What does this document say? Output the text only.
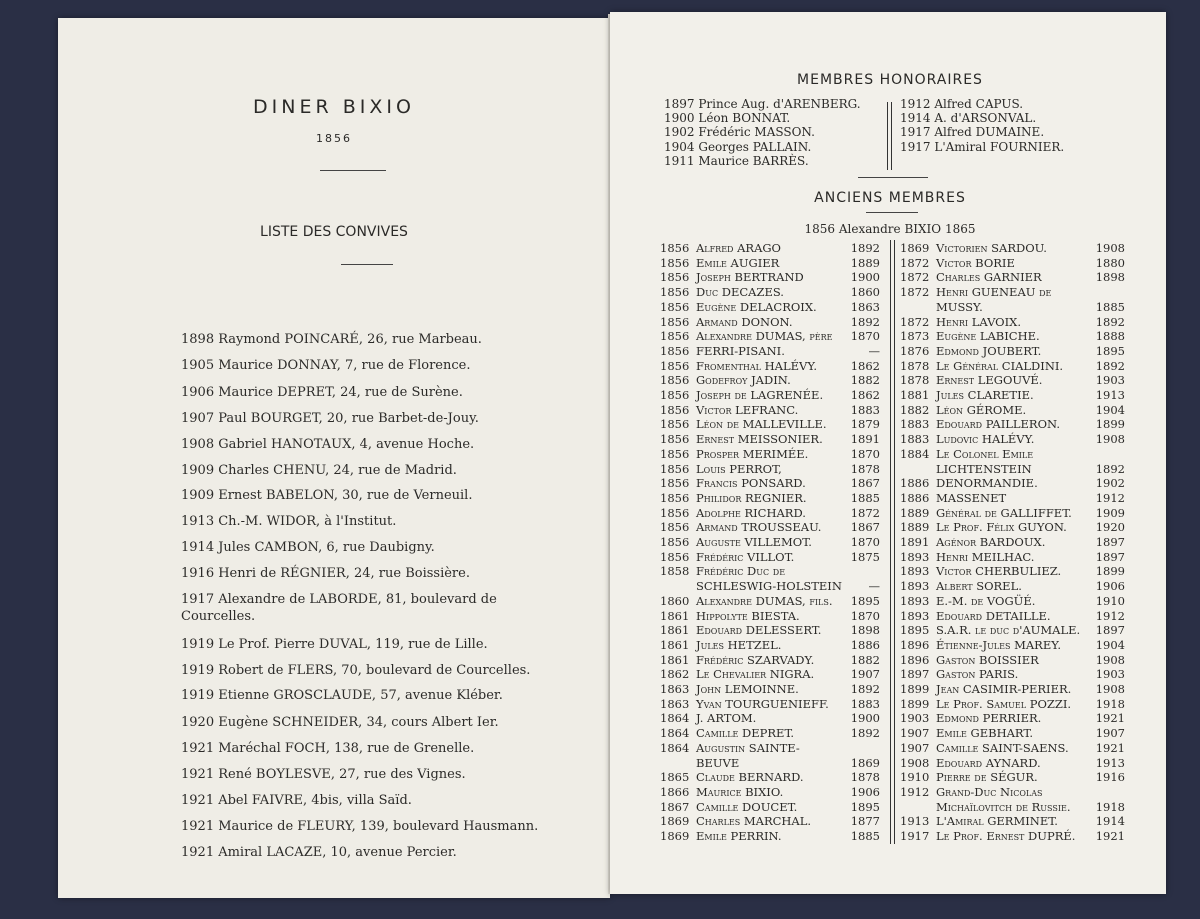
DINER BIXIO
1856
LISTE DES CONVIVES
1898 Raymond POINCARÉ, 26, rue Marbeau.
1905 Maurice DONNAY, 7, rue de Florence.
1906 Maurice DEPRET, 24, rue de Surène.
1907 Paul BOURGET, 20, rue Barbet-de-Jouy.
1908 Gabriel HANOTAUX, 4, avenue Hoche.
1909 Charles CHENU, 24, rue de Madrid.
1909 Ernest BABELON, 30, rue de Verneuil.
1913 Ch.-M. WIDOR, à l'Institut.
1914 Jules CAMBON, 6, rue Daubigny.
1916 Henri de RÉGNIER, 24, rue Boissière.
1917 Alexandre de LABORDE, 81, boulevard de Courcelles.
1919 Le Prof. Pierre DUVAL, 119, rue de Lille.
1919 Robert de FLERS, 70, boulevard de Courcelles.
1919 Etienne GROSCLAUDE, 57, avenue Kléber.
1920 Eugène SCHNEIDER, 34, cours Albert Ier.
1921 Maréchal FOCH, 138, rue de Grenelle.
1921 René BOYLESVE, 27, rue des Vignes.
1921 Abel FAIVRE, 4bis, villa Saïd.
1921 Maurice de FLEURY, 139, boulevard Hausmann.
1921 Amiral LACAZE, 10, avenue Percier.
MEMBRES HONORAIRES
1897 Prince Aug. d'ARENBERG.
1900 Léon BONNAT.
1902 Frédéric MASSON.
1904 Georges PALLAIN.
1911 Maurice BARRÈS.
1912 Alfred CAPUS.
1914 A. d'ARSONVAL.
1917 Alfred DUMAINE.
1917 L'Amiral FOURNIER.
ANCIENS MEMBRES
1856 Alexandre BIXIO 1865
1856 Alfred ARAGO	1892
1856 Emile AUGIER	1889
1856 Joseph BERTRAND	1900
1856 Duc DECAZES.	1860
1856 Eugène DELACROIX.	1863
1856 Armand DONON.	1892
1856 Alexandre DUMAS, père 1870
1856 FERRI-PISANI.	—
1856 Fromenthal HALÉVY.	1862
1856 Godefroy JADIN.	1882
1856 Joseph de LAGRENÉE. 1862
1856 Victor LEFRANC.	1883
1856 Léon de MALLEVILLE. 1879
1856 Ernest MEISSONIER. 1891
1856 Prosper MERIMÉE.	1870
1856 Louis PERROT,	1878
1856 Francis PONSARD.	1867
1856 Philidor REGNIER.	1885
1856 Adolphe RICHARD.	1872
1856 Armand TROUSSEAU.	1867
1856 Auguste VILLEMOT.	1870
1856 Frédéric VILLOT.	1875
1858 Frédéric Duc de
SCHLESWIG-HOLSTEIN	—
1860 Alexandre DUMAS, fils. 1895
1861 Hippolyte BIESTA.	1870
1861 Edouard DELESSERT.	1898
1861 Jules HETZEL.	1886
1861 Frédéric SZARVADY.	1882
1862 Le Chevalier NIGRA.	1907
1863 John LEMOINNE.	1892
1863 Yvan TOURGUENIEFF. 1883
1864 J. ARTOM.	1900
1864 Camille DEPRET.	1892
1864 Augustin SAINTE-
BEUVE	1869
1865 Claude BERNARD.	1878
1866 Maurice BIXIO.	1906
1867 Camille DOUCET.	1895
1869 Charles MARCHAL.	1877
1869 Emile PERRIN.	1885
1869 Victorien SARDOU.	1908
1872 Victor BORIE	1880
1872 Charles GARNIER	1898
1872 Henri GUENEAU de
MUSSY.	1885
1872 Henri LAVOIX.	1892
1873 Eugène LABICHE.	1888
1876 Edmond JOUBERT.	1895
1878 Le Général CIALDINI.	1892
1878 Ernest LEGOUVÉ.	1903
1881 Jules CLARETIE.	1913
1882 Léon GÉROME.	1904
1883 Edouard PAILLERON.	1899
1883 Ludovic HALÉVY.	1908
1884 Le Colonel Emile
LICHTENSTEIN	1892
1886 DENORMANDIE.	1902
1886 MASSENET	1912
1889 Général de GALLIFFET. 1909
1889 Le Prof. Félix GUYON.	1920
1891 Agénor BARDOUX.	1897
1893 Henri MEILHAC.	1897
1893 Victor CHERBULIEZ.	1899
1893 Albert SOREL.	1906
1893 E.-M. de VOGÜÉ.	1910
1893 Edouard DETAILLE.	1912
1895 S.A.R. le duc d'AUMALE. 1897
1896 Étienne-Jules MAREY.	1904
1896 Gaston BOISSIER	1908
1897 Gaston PARIS.	1903
1899 Jean CASIMIR-PERIER. 1908
1899 Le Prof. Samuel POZZI. 1918
1903 Edmond PERRIER.	1921
1907 Emile GEBHART.	1907
1907 Camille SAINT-SAENS. 1921
1908 Edouard AYNARD.	1913
1910 Pierre de SÉGUR.	1916
1912 Grand-Duc Nicolas
Michaïlovitch de Russie. 1918
1913 L'Amiral GERMINET.	1914
1917 Le Prof. Ernest DUPRÉ. 1921
